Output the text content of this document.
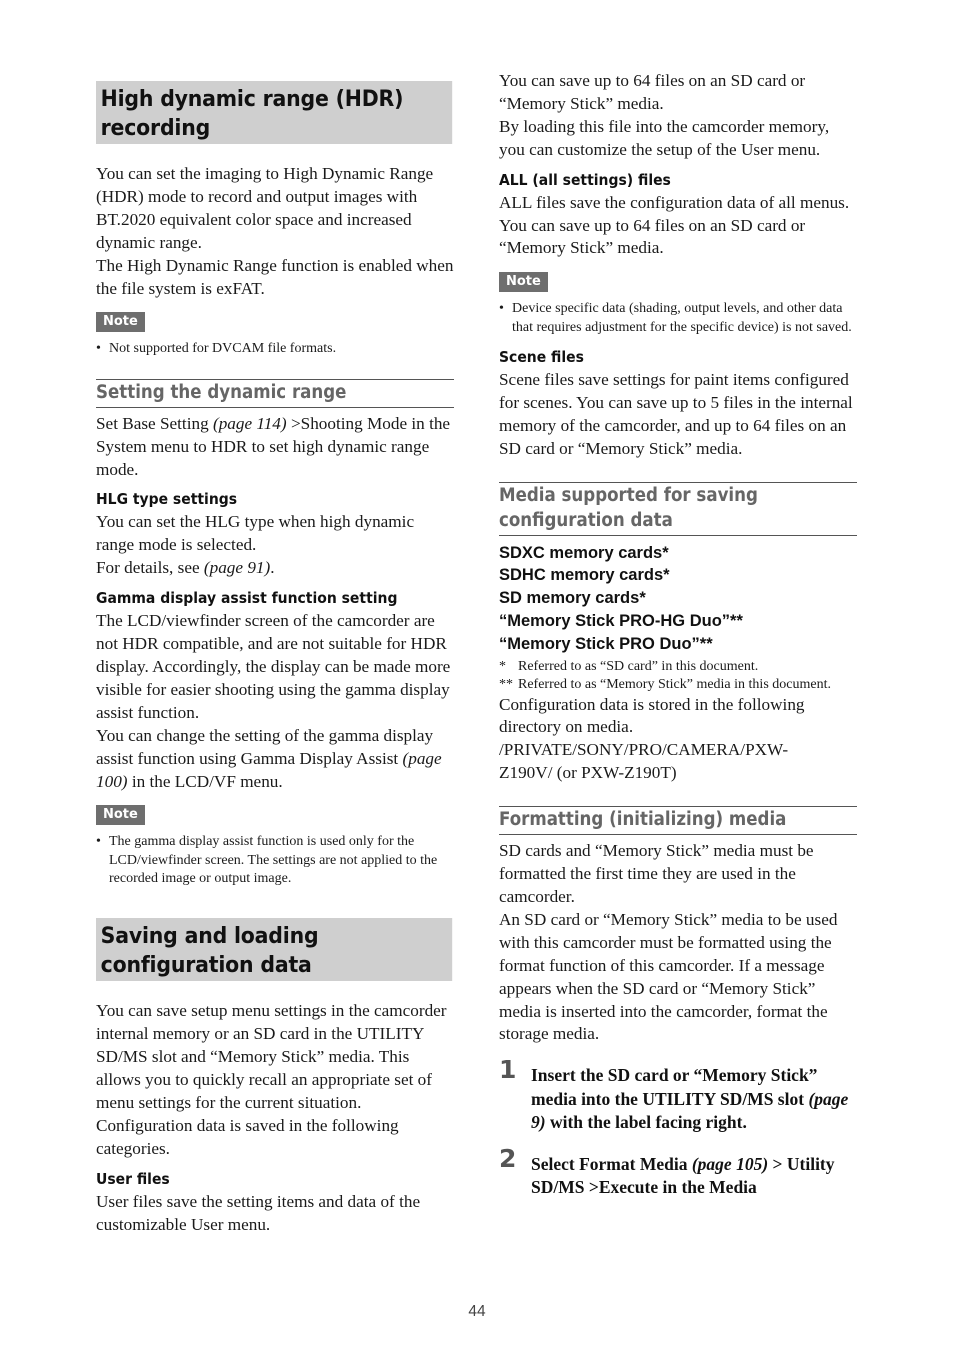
High dynamic range (HDR) recording

You can set the imaging to High Dynamic Range (HDR) mode to record and output images with BT.2020 equivalent color space and increased dynamic range.

The High Dynamic Range function is enabled when the file system is exFAT.

Note

• Not supported for DVCAM file formats.

Setting the dynamic range

Set Base Setting (page 114) >Shooting Mode in the System menu to HDR to set high dynamic range mode.

HLG type settings

You can set the HLG type when high dynamic range mode is selected.

For details, see (page 91).

Gamma display assist function setting

The LCD/viewfinder screen of the camcorder are not HDR compatible, and are not suitable for HDR display. Accordingly, the display can be made more visible for easier shooting using the gamma display assist function.

You can change the setting of the gamma display assist function using Gamma Display Assist (page 100) in the LCD/VF menu.

Note

• The gamma display assist function is used only for the LCD/viewfinder screen. The settings are not applied to the recorded image or output image.

Saving and loading configuration data

You can save setup menu settings in the camcorder internal memory or an SD card in the UTILITY SD/MS slot and “Memory Stick” media. This allows you to quickly recall an appropriate set of menu settings for the current situation.

Configuration data is saved in the following categories.

User files

User files save the setting items and data of the customizable User menu.

You can save up to 64 files on an SD card or “Memory Stick” media.

By loading this file into the camcorder memory, you can customize the setup of the User menu.

ALL (all settings) files

ALL files save the configuration data of all menus. You can save up to 64 files on an SD card or “Memory Stick” media.

Note

• Device specific data (shading, output levels, and other data that requires adjustment for the specific device) is not saved.

Scene files

Scene files save settings for paint items configured for scenes. You can save up to 5 files in the internal memory of the camcorder, and up to 64 files on an SD card or “Memory Stick” media.

Media supported for saving configuration data
SDXC memory cards*
SDHC memory cards*
SD memory cards*
“Memory Stick PRO-HG Duo”**
“Memory Stick PRO Duo”**
* Referred to as “SD card” in this document.
** Referred to as “Memory Stick” media in this document.

Configuration data is stored in the following directory on media.

/PRIVATE/SONY/PRO/CAMERA/PXW-Z190V/ (or PXW-Z190T)

Formatting (initializing) media

SD cards and “Memory Stick” media must be formatted the first time they are used in the camcorder.

An SD card or “Memory Stick” media to be used with this camcorder must be formatted using the format function of this camcorder. If a message appears when the SD card or “Memory Stick” media is inserted into the camcorder, format the storage media.

1 Insert the SD card or “Memory Stick” media into the UTILITY SD/MS slot (page 9) with the label facing right.
2 Select Format Media (page 105) > Utility SD/MS >Execute in the Media
44
